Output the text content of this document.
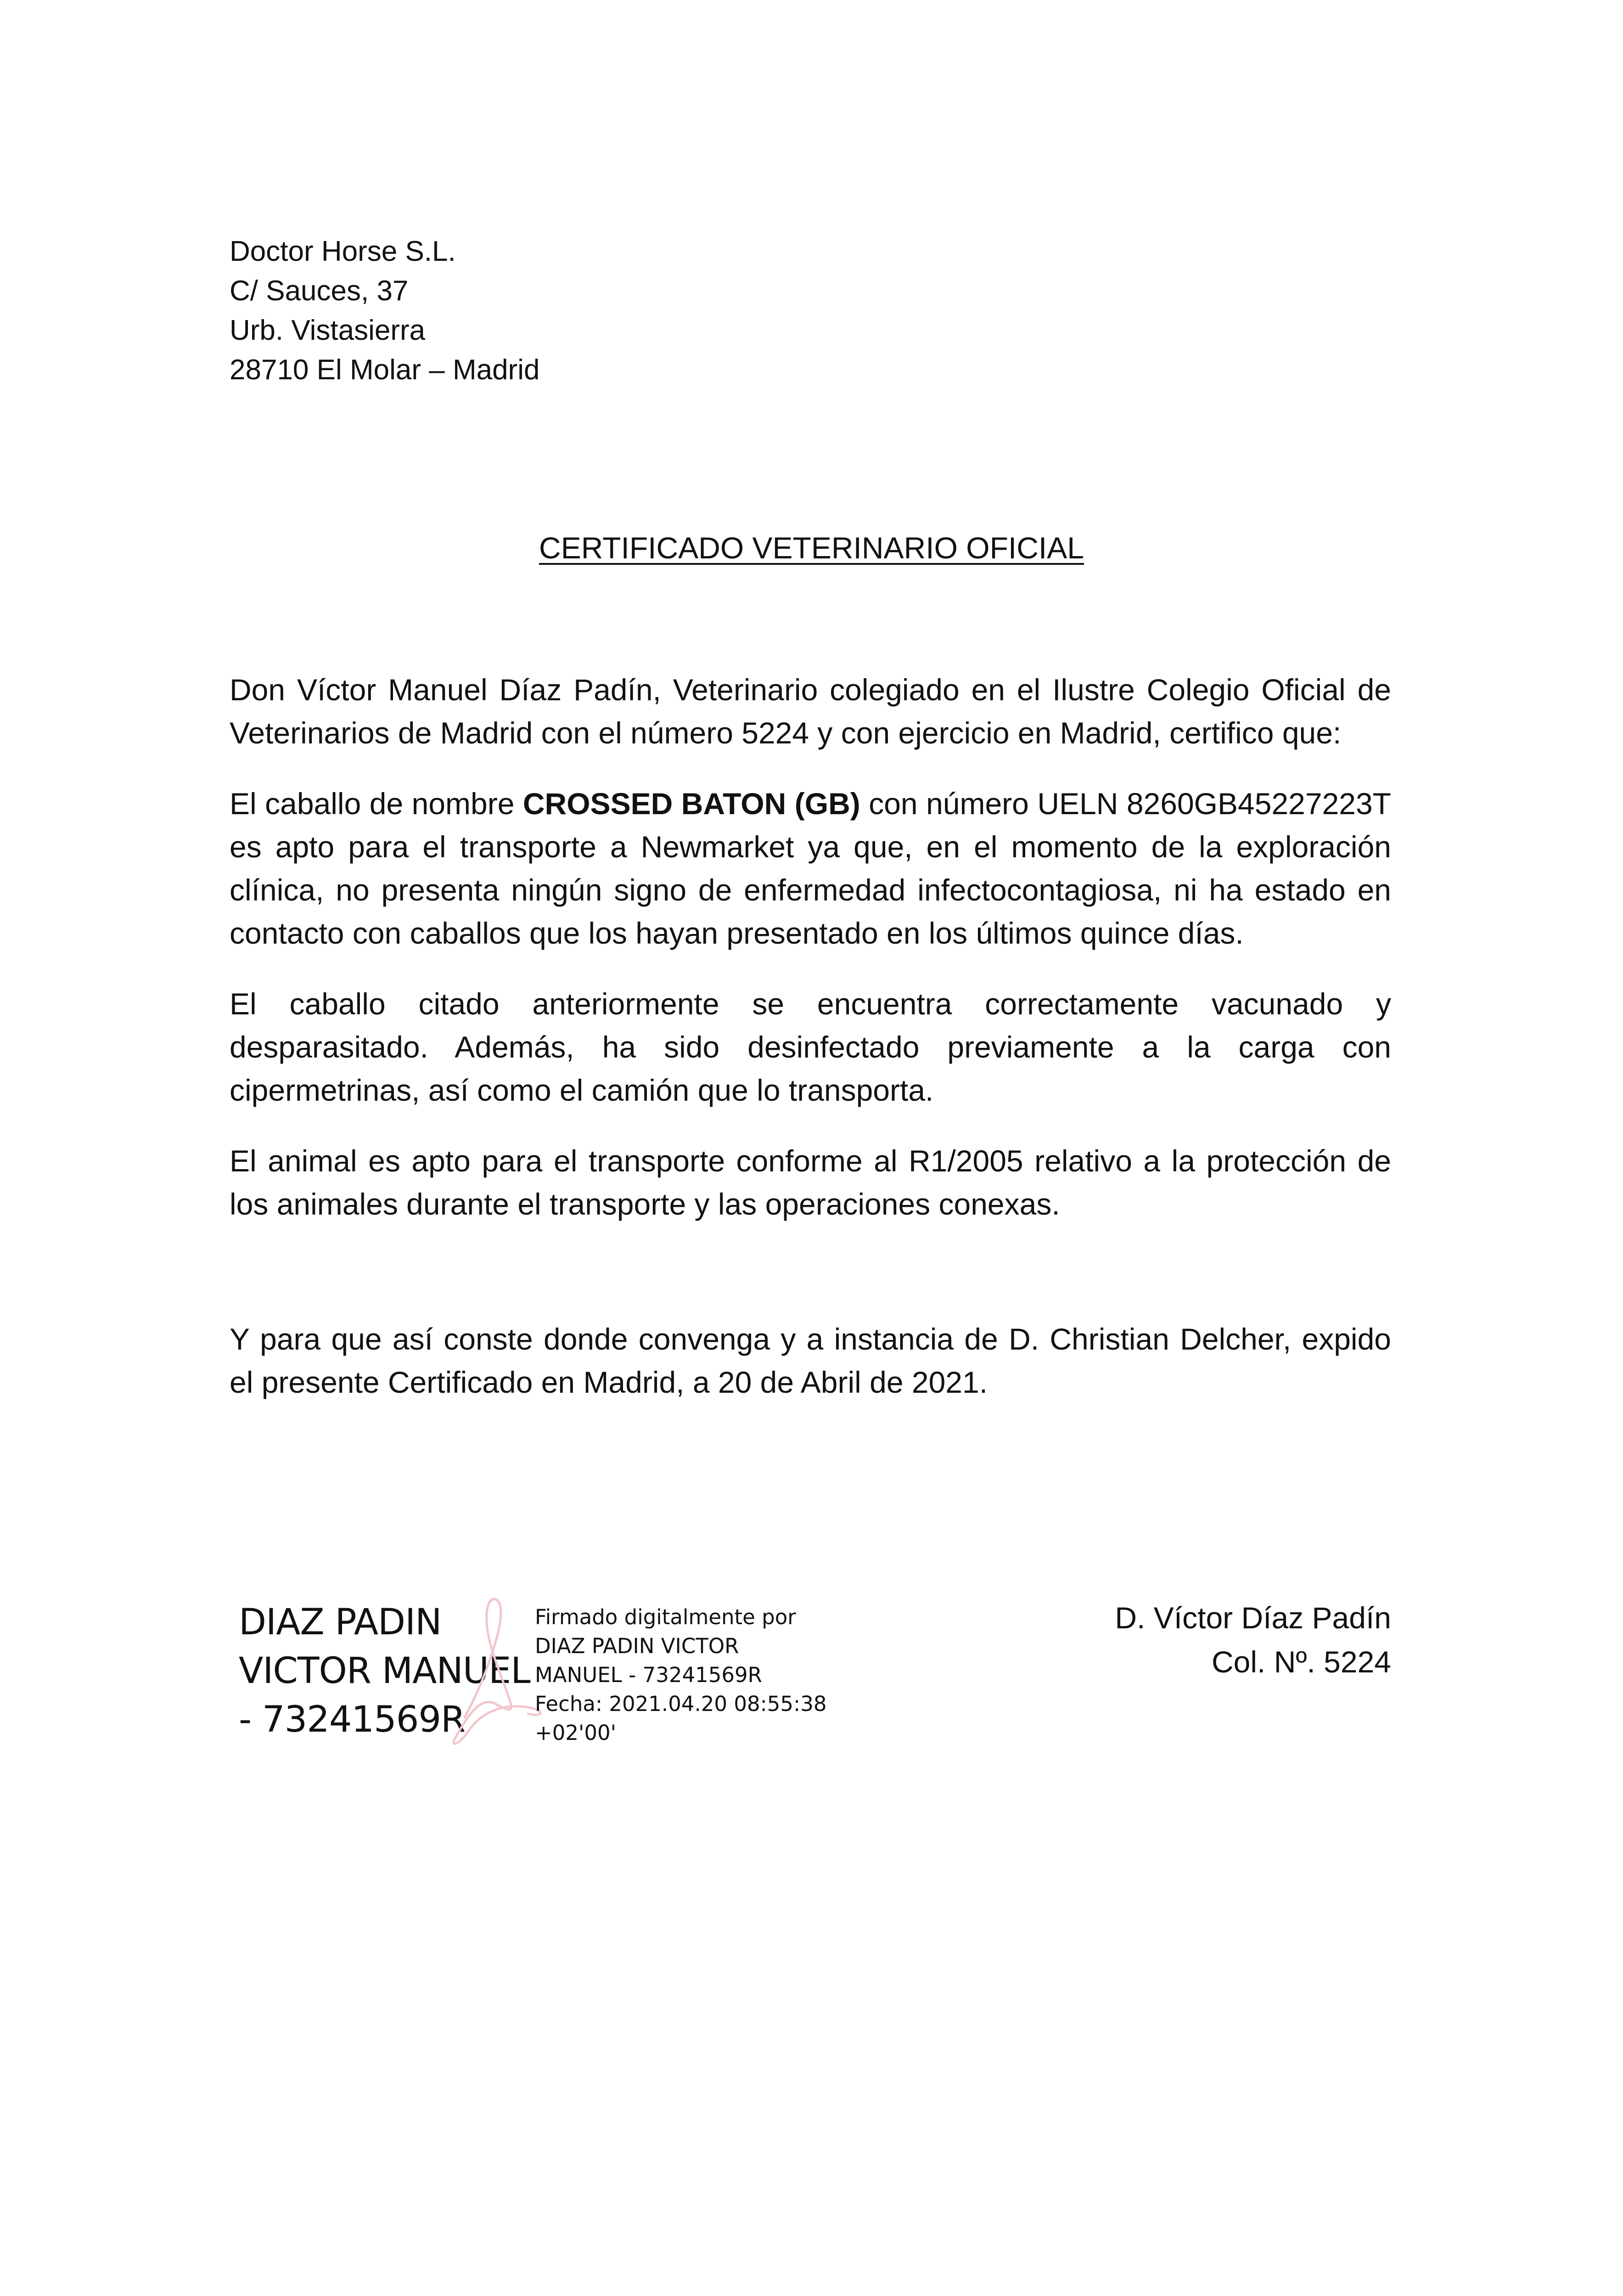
Doctor Horse S.L.
C/ Sauces, 37
Urb. Vistasierra
28710 El Molar – Madrid
CERTIFICADO VETERINARIO OFICIAL

Don Víctor Manuel Díaz Padín, Veterinario colegiado en el Ilustre Colegio Oficial de Veterinarios de Madrid con el número 5224 y con ejercicio en Madrid, certifico que:

El caballo de nombre CROSSED BATON (GB) con número UELN 8260GB45227223T es apto para el transporte a Newmarket ya que, en el momento de la exploración clínica, no presenta ningún signo de enfermedad infectocontagiosa, ni ha estado en contacto con caballos que los hayan presentado en los últimos quince días.

El caballo citado anteriormente se encuentra correctamente vacunado y desparasitado. Además, ha sido desinfectado previamente a la carga con cipermetrinas, así como el camión que lo transporta.

El animal es apto para el transporte conforme al R1/2005 relativo a la protección de los animales durante el transporte y las operaciones conexas.

Y para que así conste donde convenga y a instancia de D. Christian Delcher, expido el presente Certificado en Madrid, a 20 de Abril de 2021.

DIAZ PADIN
VICTOR MANUEL
- 73241569R
Firmado digitalmente por
DIAZ PADIN VICTOR
MANUEL - 73241569R
Fecha: 2021.04.20 08:55:38
+02'00'
D. Víctor Díaz Padín
Col. Nº. 5224
